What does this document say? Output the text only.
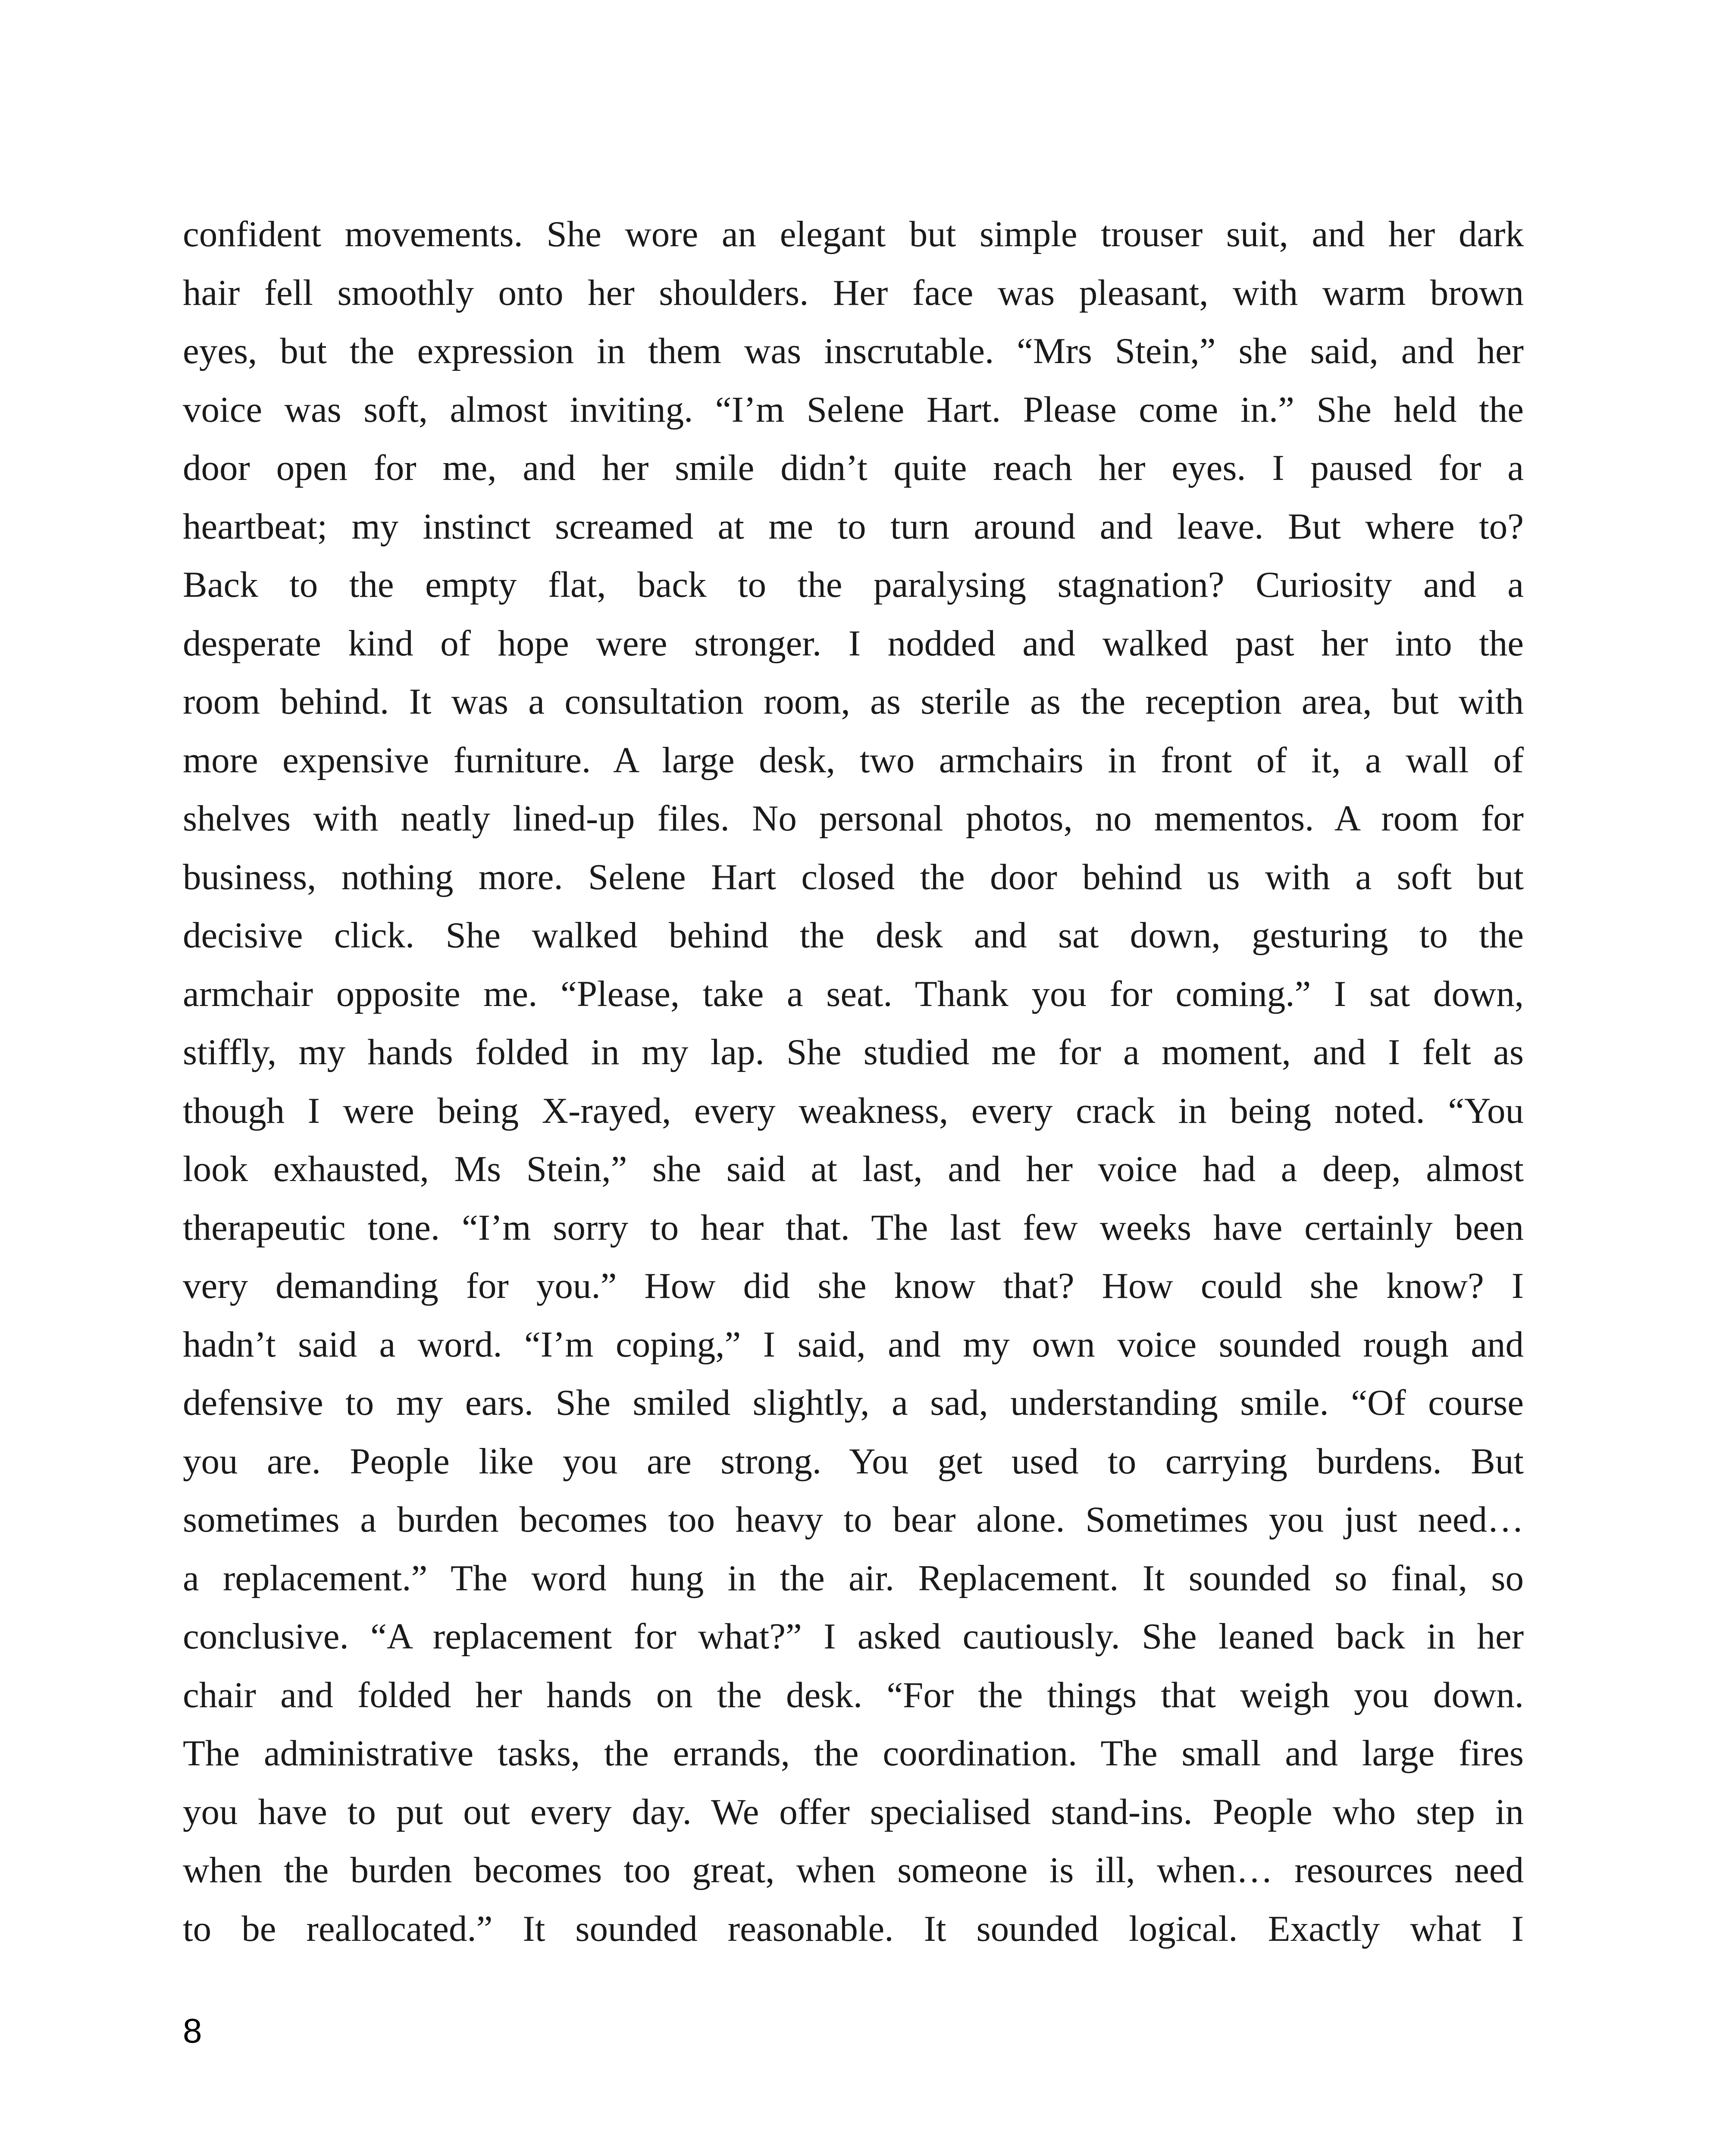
confident movements. She wore an elegant but simple trouser suit, and her dark
hair fell smoothly onto her shoulders. Her face was pleasant, with warm brown
eyes, but the expression in them was inscrutable. “Mrs Stein,” she said, and her
voice was soft, almost inviting. “I’m Selene Hart. Please come in.” She held the
door open for me, and her smile didn’t quite reach her eyes. I paused for a
heartbeat; my instinct screamed at me to turn around and leave. But where to?
Back to the empty flat, back to the paralysing stagnation? Curiosity and a
desperate kind of hope were stronger. I nodded and walked past her into the
room behind. It was a consultation room, as sterile as the reception area, but with
more expensive furniture. A large desk, two armchairs in front of it, a wall of
shelves with neatly lined-up files. No personal photos, no mementos. A room for
business, nothing more. Selene Hart closed the door behind us with a soft but
decisive click. She walked behind the desk and sat down, gesturing to the
armchair opposite me. “Please, take a seat. Thank you for coming.” I sat down,
stiffly, my hands folded in my lap. She studied me for a moment, and I felt as
though I were being X-rayed, every weakness, every crack in being noted. “You
look exhausted, Ms Stein,” she said at last, and her voice had a deep, almost
therapeutic tone. “I’m sorry to hear that. The last few weeks have certainly been
very demanding for you.” How did she know that? How could she know? I
hadn’t said a word. “I’m coping,” I said, and my own voice sounded rough and
defensive to my ears. She smiled slightly, a sad, understanding smile. “Of course
you are. People like you are strong. You get used to carrying burdens. But
sometimes a burden becomes too heavy to bear alone. Sometimes you just need…
a replacement.” The word hung in the air. Replacement. It sounded so final, so
conclusive. “A replacement for what?” I asked cautiously. She leaned back in her
chair and folded her hands on the desk. “For the things that weigh you down.
The administrative tasks, the errands, the coordination. The small and large fires
you have to put out every day. We offer specialised stand-ins. People who step in
when the burden becomes too great, when someone is ill, when… resources need
to be reallocated.” It sounded reasonable. It sounded logical. Exactly what I
8
